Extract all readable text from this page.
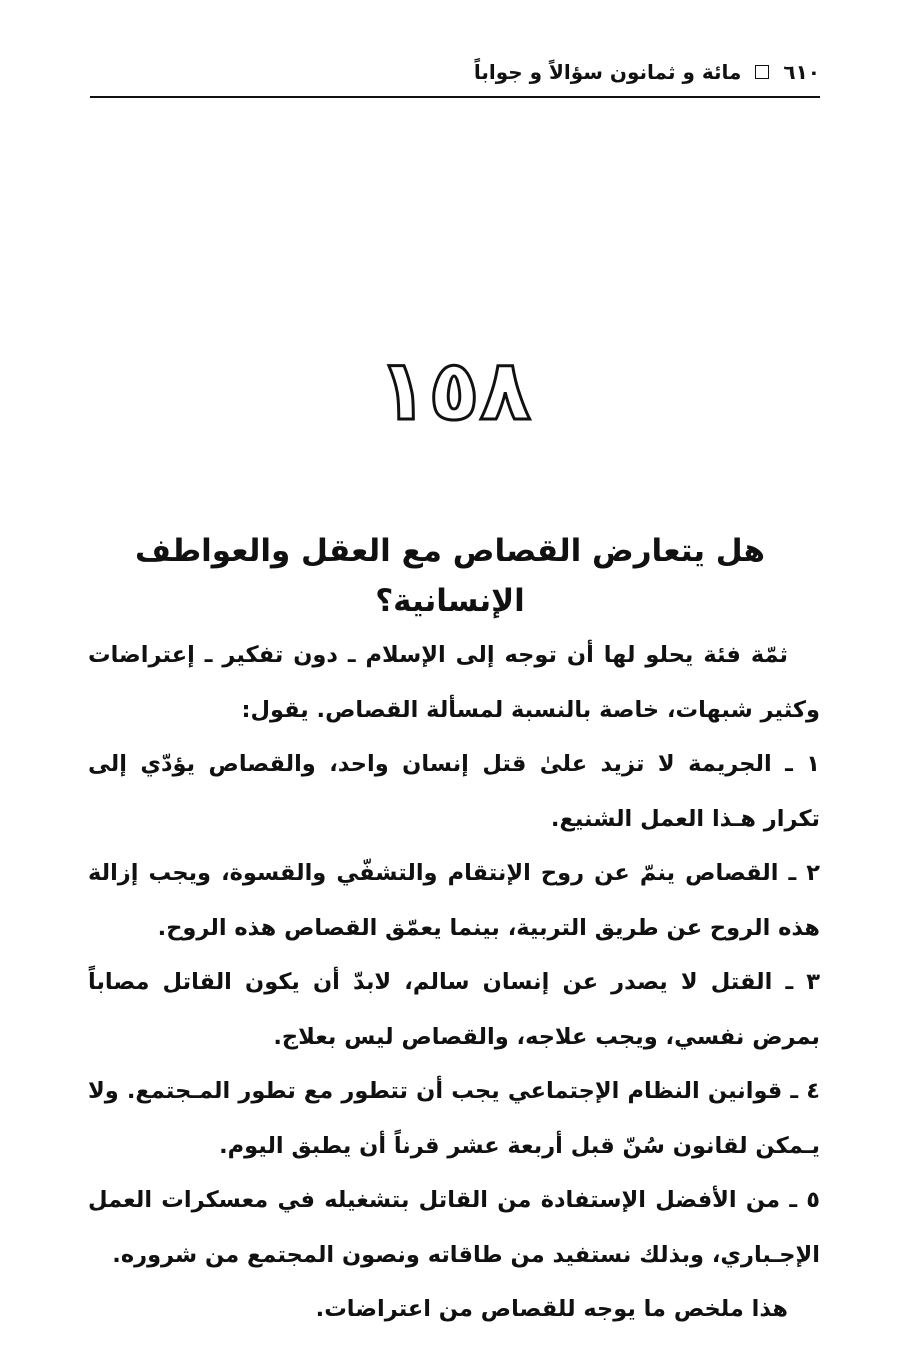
٦١٠
مائة و ثمانون سؤالاً و جواباً
١٥٨
هل يتعارض القصاص مع العقل والعواطف الإنسانية؟

ثمّة فئة يحلو لها أن توجه إلى الإسلام ـ دون تفكير ـ إعتراضات وكثير شبهات، خاصة بالنسبة لمسألة القصاص. يقول:

١ ـ الجريمة لا تزيد علىٰ قتل إنسان واحد، والقصاص يؤدّي إلى تكرار هـذا العمل الشنيع.

٢ ـ القصاص ينمّ عن روح الإنتقام والتشفّي والقسوة، ويجب إزالة هذه الروح عن طريق التربية، بينما يعمّق القصاص هذه الروح.

٣ ـ القتل لا يصدر عن إنسان سالم، لابدّ أن يكون القاتل مصاباً بمرض نفسي، ويجب علاجه، والقصاص ليس بعلاج.

٤ ـ قوانين النظام الإجتماعي يجب أن تتطور مع تطور المـجتمع. ولا يـمكن لقانون سُنّ قبل أربعة عشر قرناً أن يطبق اليوم.

٥ ـ من الأفضل الإستفادة من القاتل بتشغيله في معسكرات العمل الإجـباري، وبذلك نستفيد من طاقاته ونصون المجتمع من شروره.

هذا ملخص ما يوجه للقصاص من اعتراضات.
